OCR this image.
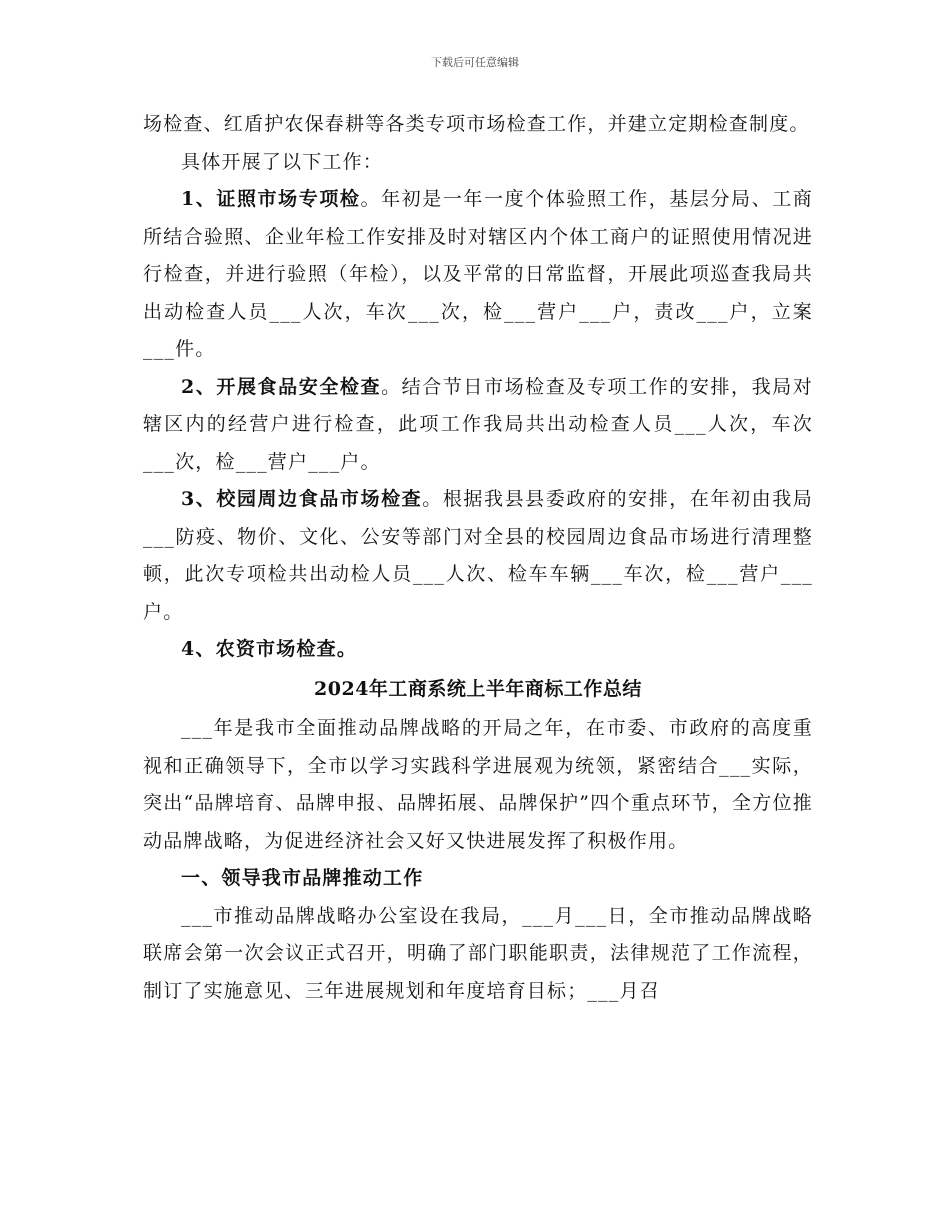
下载后可任意编辑

场检查、红盾护农保春耕等各类专项市场检查工作，并建立定期检查制度。

具体开展了以下工作：

1、证照市场专项检。年初是一年一度个体验照工作，基层分局、工商所结合验照、企业年检工作安排及时对辖区内个体工商户的证照使用情况进行检查，并进行验照（年检），以及平常的日常监督，开展此项巡查我局共出动检查人员___人次，车次___次，检___营户___户，责改___户，立案___件。

2、开展食品安全检查。结合节日市场检查及专项工作的安排，我局对辖区内的经营户进行检查，此项工作我局共出动检查人员___人次，车次___次，检___营户___户。

3、校园周边食品市场检查。根据我县县委政府的安排，在年初由我局___防疫、物价、文化、公安等部门对全县的校园周边食品市场进行清理整顿，此次专项检共出动检人员___人次、检车车辆___车次，检___营户___户。

4、农资市场检查。

2024年工商系统上半年商标工作总结

___年是我市全面推动品牌战略的开局之年，在市委、市政府的高度重视和正确领导下，全市以学习实践科学进展观为统领，紧密结合___实际，突出“品牌培育、品牌申报、品牌拓展、品牌保护”四个重点环节，全方位推动品牌战略，为促进经济社会又好又快进展发挥了积极作用。

一、领导我市品牌推动工作

___市推动品牌战略办公室设在我局，___月___日，全市推动品牌战略联席会第一次会议正式召开，明确了部门职能职责，法律规范了工作流程，制订了实施意见、三年进展规划和年度培育目标；___月召
